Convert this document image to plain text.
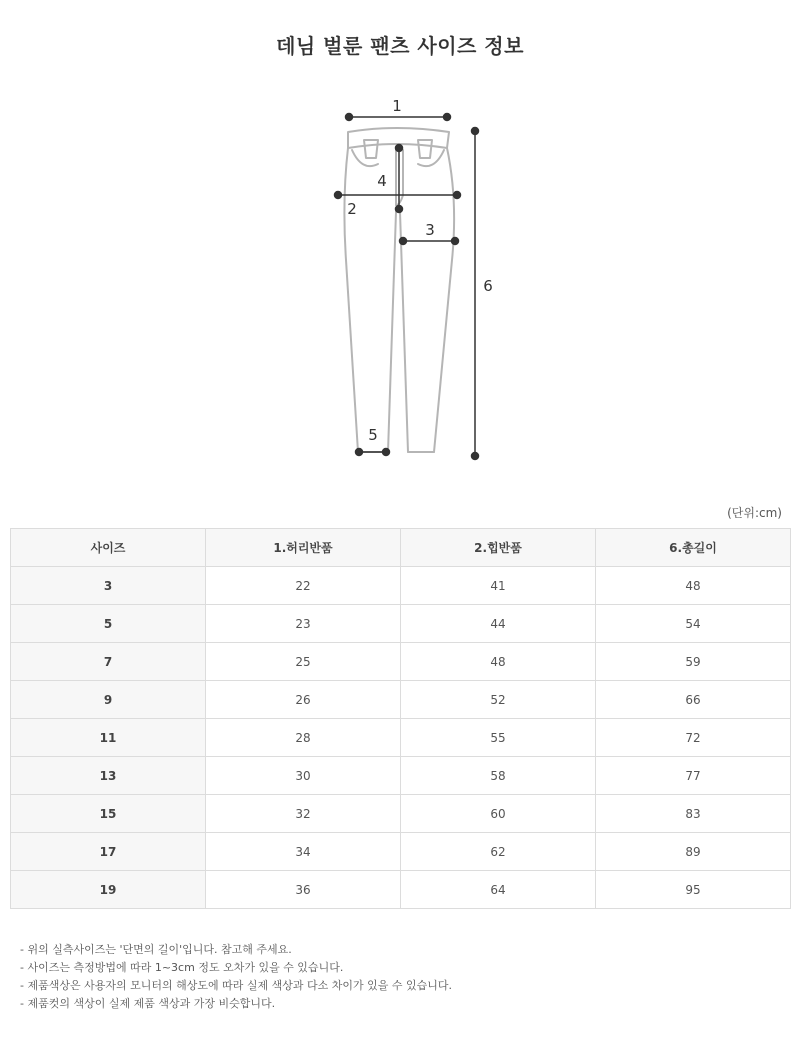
데님 벌룬 팬츠 사이즈 정보
1
2
3
4
5
6
(단위:cm)
사이즈	1.허리반품	2.힙반품	6.총길이
3	22	41	48
5	23	44	54
7	25	48	59
9	26	52	66
11	28	55	72
13	30	58	77
15	32	60	83
17	34	62	89
19	36	64	95
- 위의 실측사이즈는 '단면의 길이'입니다. 참고해 주세요.
- 사이즈는 측정방법에 따라 1~3cm 정도 오차가 있을 수 있습니다.
- 제품색상은 사용자의 모니터의 해상도에 따라 실제 색상과 다소 차이가 있을 수 있습니다.
- 제품컷의 색상이 실제 제품 색상과 가장 비슷합니다.
